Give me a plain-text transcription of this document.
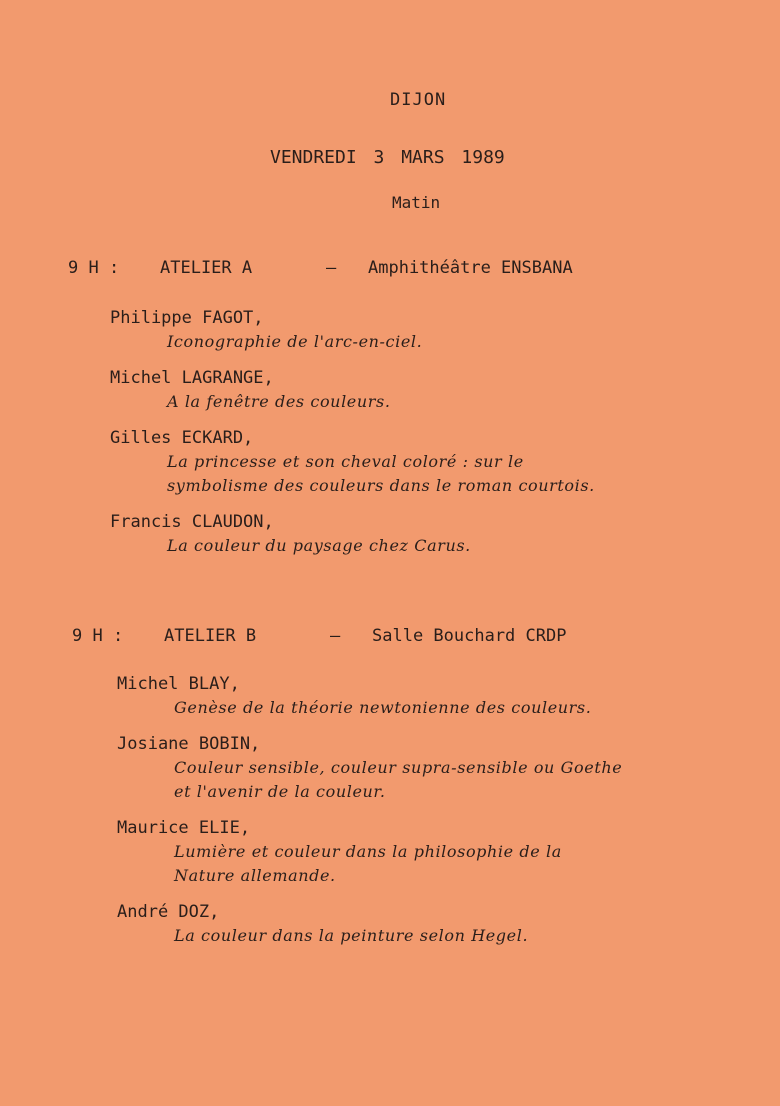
DIJON
VENDREDI 3 MARS 1989
Matin
9 H : ATELIER A	– Amphithéâtre ENSBANA
Philippe FAGOT,
Iconographie de l'arc-en-ciel.
Michel LAGRANGE,
A la fenêtre des couleurs.
Gilles ECKARD,
La princesse et son cheval coloré : sur le
symbolisme des couleurs dans le roman courtois.
Francis CLAUDON,
La couleur du paysage chez Carus.
9 H : ATELIER B	– Salle Bouchard CRDP
Michel BLAY,
Genèse de la théorie newtonienne des couleurs.
Josiane BOBIN,
Couleur sensible, couleur supra-sensible ou Goethe
et l'avenir de la couleur.
Maurice ELIE,
Lumière et couleur dans la philosophie de la
Nature allemande.
André DOZ,
La couleur dans la peinture selon Hegel.
